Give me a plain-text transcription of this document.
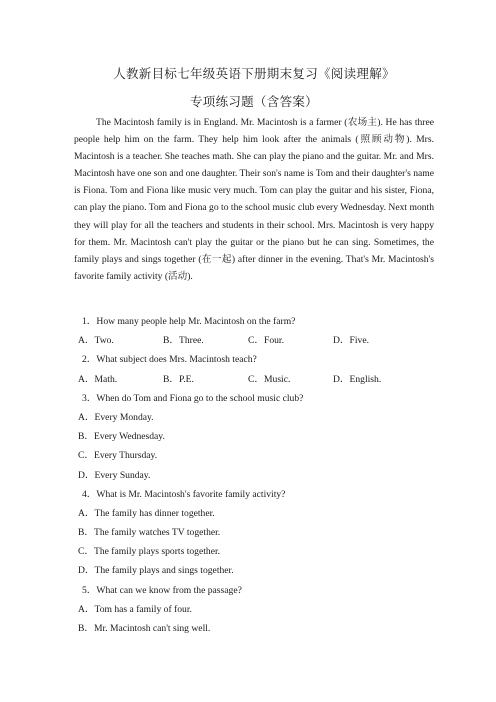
人教新目标七年级英语下册期末复习《阅读理解》
专项练习题（含答案）

The Macintosh family is in England. Mr. Macintosh is a farmer (农场主). He has three people help him on the farm. They help him look after the animals (照顾动物). Mrs. Macintosh is a teacher. She teaches math. She can play the piano and the guitar. Mr. and Mrs. Macintosh have one son and one daughter. Their son's name is Tom and their daughter's name is Fiona. Tom and Fiona like music very much. Tom can play the guitar and his sister, Fiona, can play the piano. Tom and Fiona go to the school music club every Wednesday. Next month they will play for all the teachers and students in their school. Mrs. Macintosh is very happy for them. Mr. Macintosh can't play the guitar or the piano but he can sing. Sometimes, the family plays and sings together (在一起) after dinner in the evening. That's Mr. Macintosh's favorite family activity (活动).

1．How many people help Mr. Macintosh on the farm?
A．Two.	B．Three.	C．Four.	D．Five.
2．What subject does Mrs. Macintosh teach?
A．Math.	B．P.E.	C．Music.	D．English.
3．When do Tom and Fiona go to the school music club?
A．Every Monday.
B．Every Wednesday.
C．Every Thursday.
D．Every Sunday.
4．What is Mr. Macintosh's favorite family activity?
A．The family has dinner together.
B．The family watches TV together.
C．The family plays sports together.
D．The family plays and sings together.
5．What can we know from the passage?
A．Tom has a family of four.
B．Mr. Macintosh can't sing well.
